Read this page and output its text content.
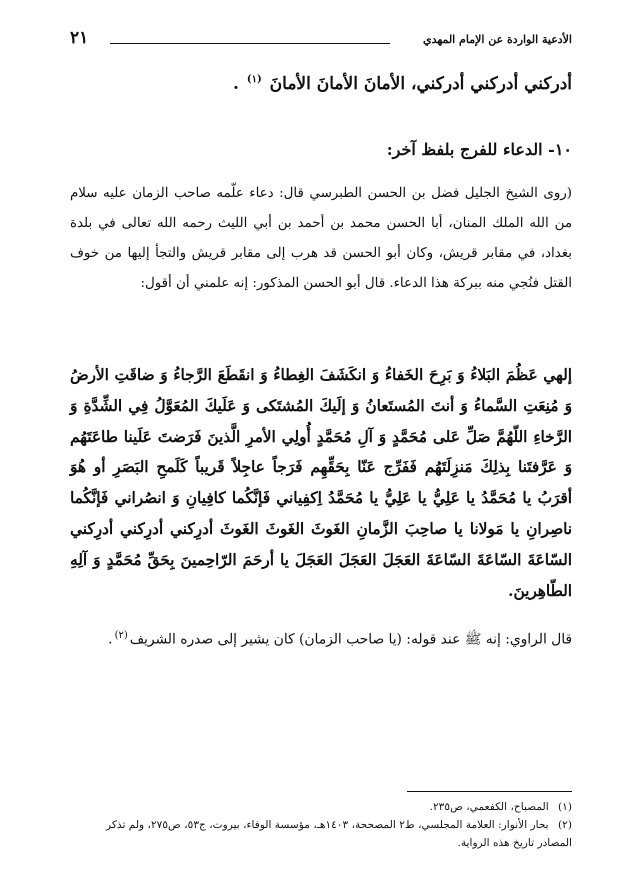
الأدعية الواردة عن الإمام المهدي
٢١
أدركني أدركني أدركني، الأمانَ الأمانَ الأمانَ $^{(١)}$ .
١٠- الدعاء للفرج بلفظ آخر:

(روى الشيخ الجليل فضل بن الحسن الطبرسي قال: دعاء علّمه صاحب الزمان عليه سلام من الله الملك المنان، أبا الحسن محمد بن أحمد بن أبي الليث رحمه الله تعالى في بلدة بغداد، في مقابر قريش، وكان أبو الحسن قد هرب إلى مقابر قريش والتجأ إليها من خوف القتل فنُجي منه ببركة هذا الدعاء. قال أبو الحسن المذكور: إنه علمني أن أقول:

إلهي عَظُمَ البَلاءُ وَ بَرِحَ الخَفاءُ وَ انكَشَفَ الغِطاءُ وَ انقَطَعَ الرَّجاءُ وَ ضاقَتِ الأرضُ وَ مُنِعَتِ السَّماءُ وَ أنتَ المُستَعانُ وَ إلَيكَ المُشتَكى وَ عَلَيكَ المُعَوَّلُ فِي الشِّدَّةِ وَ الرَّخاءِ اللّهُمَّ صَلِّ عَلى مُحَمَّدٍ وَ آلِ مُحَمَّدٍ أُولِي الأمرِ الَّذينَ فَرَضتَ عَلَينا طاعَتَهُم وَ عَرَّفتَنا بِذلِكَ مَنزِلَتَهُم فَفَرِّج عَنّا بِحَقِّهِم فَرَجاً عاجِلاً قَريباً كَلَمحِ البَصَرِ أو هُوَ أقرَبُ يا مُحَمَّدُ يا عَلِيُّ يا عَلِيُّ يا مُحَمَّدُ اِكفِياني فَإنَّكُما كافِيانِ وَ انصُراني فَإنَّكُما ناصِرانِ يا مَولانا يا صاحِبَ الزَّمانِ الغَوثَ الغَوثَ الغَوثَ أدرِكني أدرِكني أدرِكني السّاعَةَ السّاعَةَ السّاعَةَ العَجَلَ العَجَلَ العَجَلَ يا أرحَمَ الرّاحِمينَ بِحَقِّ مُحَمَّدٍ وَ آلِهِ الطّاهِرينَ.

قال الراوي: إنه ﷺ عند قوله: (يا صاحب الزمان) كان يشير إلى صدره الشريف$^{(٢)}$.

(١) المصباح، الكفعمي، ص٢٣٥.

(٢) بحار الأنوار: العلامة المجلسي، ط٢ المصححة، ١٤٠٣هـ، مؤسسة الوفاء، بيروت، ج٥٣، ص٢٧٥، ولم تذكر المصادر تاريخ هذه الرواية.
